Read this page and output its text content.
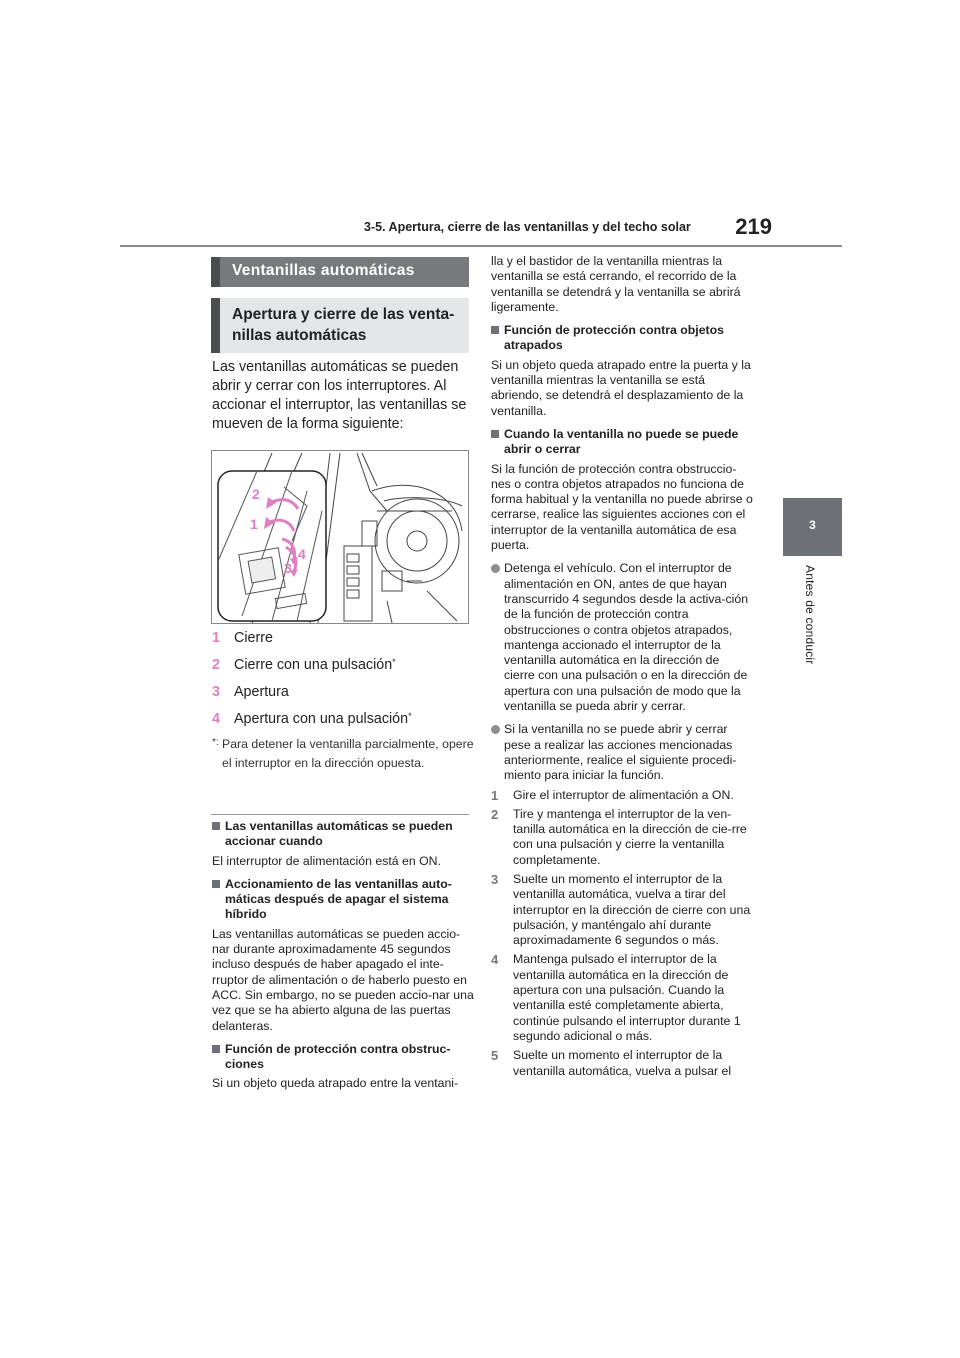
3-5. Apertura, cierre de las ventanillas y del techo solar 219
3
Antes de conducir
Ventanillas automáticas
Apertura y cierre de las venta-nillas automáticas
Las ventanillas automáticas se pueden abrir y cerrar con los interruptores. Al accionar el interruptor, las ventanillas se mueven de la forma siguiente:
2
1
4
3
1 Cierre
2 Cierre con una pulsación*
3 Apertura
4 Apertura con una pulsación*
*: Para detener la ventanilla parcialmente, opere el interruptor en la dirección opuesta.
Las ventanillas automáticas se pueden accionar cuando
El interruptor de alimentación está en ON.
Accionamiento de las ventanillas auto-máticas después de apagar el sistema híbrido
Las ventanillas automáticas se pueden accio-nar durante aproximadamente 45 segundos incluso después de haber apagado el inte-rruptor de alimentación o de haberlo puesto en ACC. Sin embargo, no se pueden accio-nar una vez que se ha abierto alguna de las puertas delanteras.
Función de protección contra obstruc-ciones
Si un objeto queda atrapado entre la ventani-
lla y el bastidor de la ventanilla mientras la ventanilla se está cerrando, el recorrido de la ventanilla se detendrá y la ventanilla se abrirá ligeramente.
Función de protección contra objetos atrapados
Si un objeto queda atrapado entre la puerta y la ventanilla mientras la ventanilla se está abriendo, se detendrá el desplazamiento de la ventanilla.
Cuando la ventanilla no puede se puede abrir o cerrar
Si la función de protección contra obstruccio-nes o contra objetos atrapados no funciona de forma habitual y la ventanilla no puede abrirse o cerrarse, realice las siguientes acciones con el interruptor de la ventanilla automática de esa puerta.
Detenga el vehículo. Con el interruptor de alimentación en ON, antes de que hayan transcurrido 4 segundos desde la activa-ción de la función de protección contra obstrucciones o contra objetos atrapados, mantenga accionado el interruptor de la ventanilla automática en la dirección de cierre con una pulsación o en la dirección de apertura con una pulsación de modo que la ventanilla se pueda abrir y cerrar.
Si la ventanilla no se puede abrir y cerrar pese a realizar las acciones mencionadas anteriormente, realice el siguiente procedi-miento para iniciar la función.
1 Gire el interruptor de alimentación a ON.
2 Tire y mantenga el interruptor de la ven-tanilla automática en la dirección de cie-rre con una pulsación y cierre la ventanilla completamente.
3 Suelte un momento el interruptor de la ventanilla automática, vuelva a tirar del interruptor en la dirección de cierre con una pulsación, y manténgalo ahí durante aproximadamente 6 segundos o más.
4 Mantenga pulsado el interruptor de la ventanilla automática en la dirección de apertura con una pulsación. Cuando la ventanilla esté completamente abierta, continúe pulsando el interruptor durante 1 segundo adicional o más.
5 Suelte un momento el interruptor de la ventanilla automática, vuelva a pulsar el
